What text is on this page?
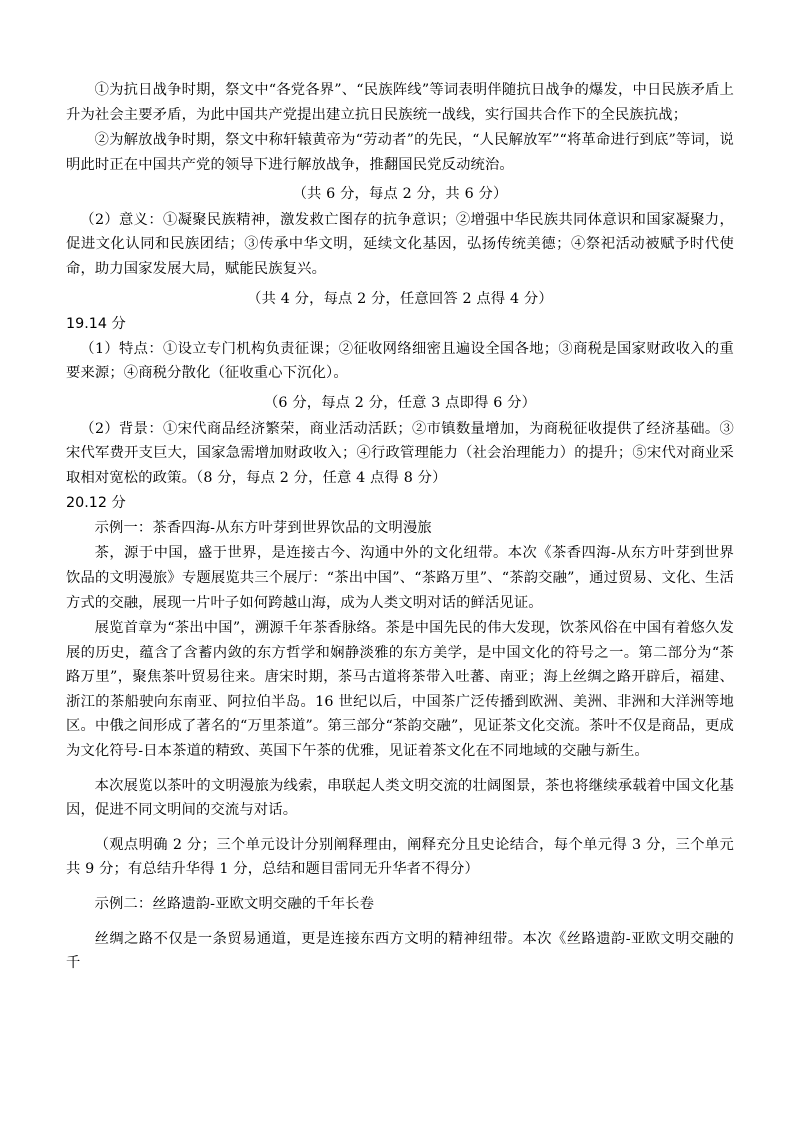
①为抗日战争时期，祭文中“各党各界”、“民族阵线”等词表明伴随抗日战争的爆发，中日民族矛盾上升为社会主要矛盾，为此中国共产党提出建立抗日民族统一战线，实行国共合作下的全民族抗战；

②为解放战争时期，祭文中称轩辕黄帝为“劳动者”的先民，“人民解放军”“将革命进行到底”等词，说明此时正在中国共产党的领导下进行解放战争，推翻国民党反动统治。

（共 6 分，每点 2 分，共 6 分）

（2）意义：①凝聚民族精神，激发救亡图存的抗争意识；②增强中华民族共同体意识和国家凝聚力，促进文化认同和民族团结；③传承中华文明，延续文化基因，弘扬传统美德；④祭祀活动被赋予时代使命，助力国家发展大局，赋能民族复兴。

（共 4 分，每点 2 分，任意回答 2 点得 4 分）

19.14 分

（1）特点：①设立专门机构负责征课；②征收网络细密且遍设全国各地；③商税是国家财政收入的重要来源；④商税分散化（征收重心下沉化）。

（6 分，每点 2 分，任意 3 点即得 6 分）

（2）背景：①宋代商品经济繁荣，商业活动活跃；②市镇数量增加，为商税征收提供了经济基础。③宋代军费开支巨大，国家急需增加财政收入；④行政管理能力（社会治理能力）的提升；⑤宋代对商业采取相对宽松的政策。（8 分，每点 2 分，任意 4 点得 8 分）

20.12 分

示例一：茶香四海-从东方叶芽到世界饮品的文明漫旅

茶，源于中国，盛于世界，是连接古今、沟通中外的文化纽带。本次《茶香四海-从东方叶芽到世界饮品的文明漫旅》专题展览共三个展厅：“茶出中国”、“茶路万里”、“茶韵交融”，通过贸易、文化、生活方式的交融，展现一片叶子如何跨越山海，成为人类文明对话的鲜活见证。

展览首章为“茶出中国”，溯源千年茶香脉络。茶是中国先民的伟大发现，饮茶风俗在中国有着悠久发展的历史，蕴含了含蓄内敛的东方哲学和娴静淡雅的东方美学，是中国文化的符号之一。第二部分为“茶路万里”，聚焦茶叶贸易往来。唐宋时期，茶马古道将茶带入吐蕃、南亚；海上丝绸之路开辟后，福建、浙江的茶船驶向东南亚、阿拉伯半岛。16 世纪以后，中国茶广泛传播到欧洲、美洲、非洲和大洋洲等地区。中俄之间形成了著名的“万里茶道”。第三部分“茶韵交融”，见证茶文化交流。茶叶不仅是商品，更成为文化符号-日本茶道的精致、英国下午茶的优雅，见证着茶文化在不同地域的交融与新生。

本次展览以茶叶的文明漫旅为线索，串联起人类文明交流的壮阔图景，茶也将继续承载着中国文化基因，促进不同文明间的交流与对话。

（观点明确 2 分；三个单元设计分别阐释理由，阐释充分且史论结合，每个单元得 3 分，三个单元共 9 分；有总结升华得 1 分，总结和题目雷同无升华者不得分）

示例二：丝路遗韵-亚欧文明交融的千年长卷

丝绸之路不仅是一条贸易通道，更是连接东西方文明的精神纽带。本次《丝路遗韵-亚欧文明交融的千
